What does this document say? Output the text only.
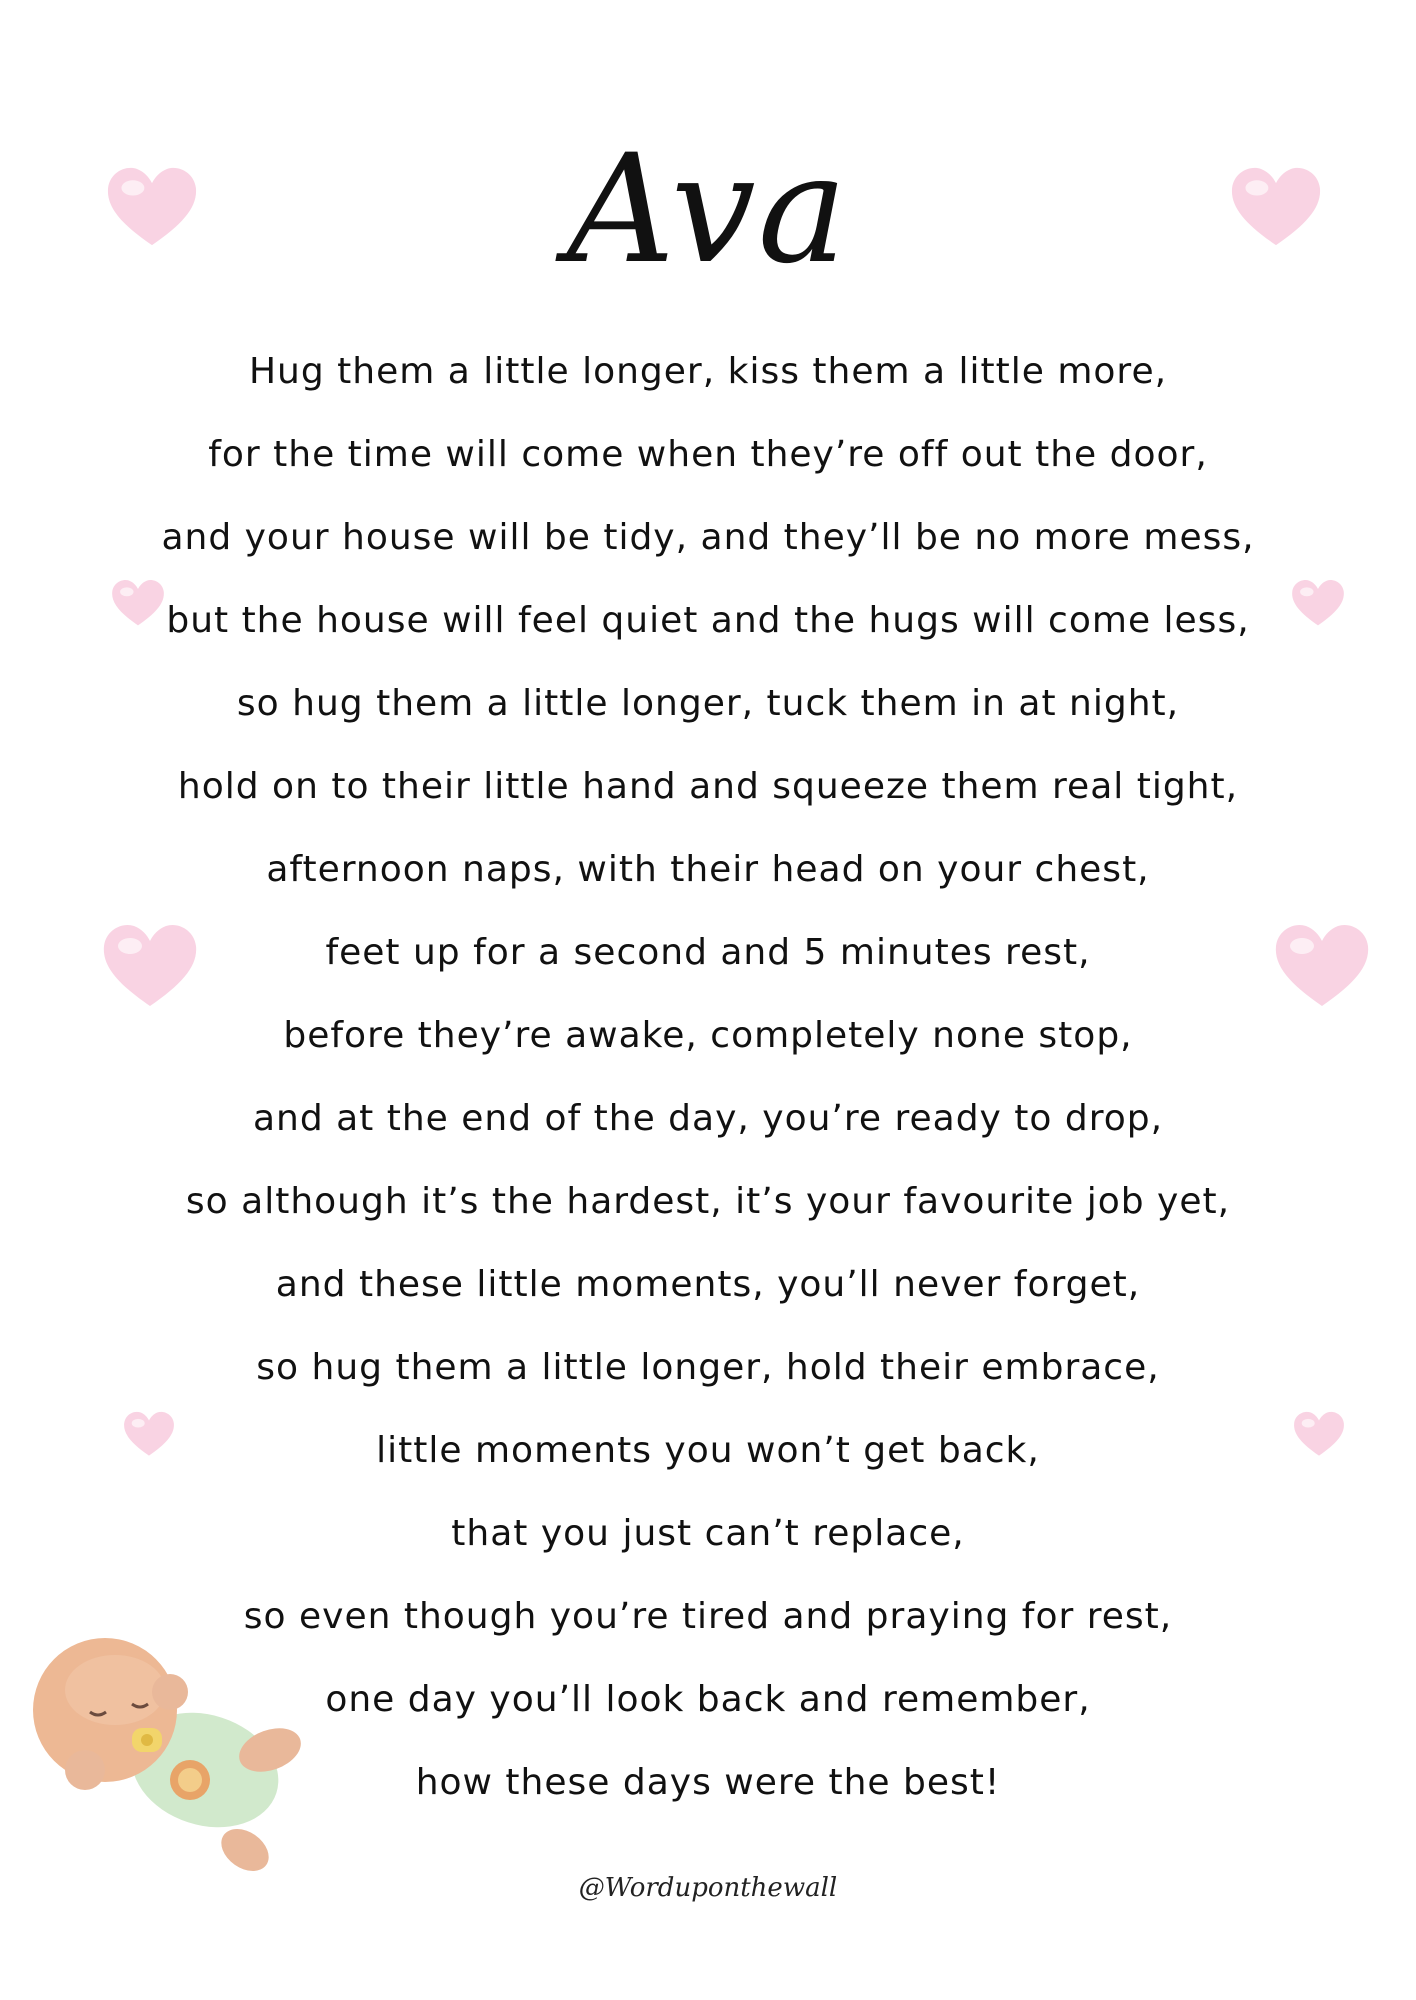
Ava
Hug them a little longer, kiss them a little more,
for the time will come when they’re off out the door,
and your house will be tidy, and they’ll be no more mess,
but the house will feel quiet and the hugs will come less,
so hug them a little longer, tuck them in at night,
hold on to their little hand and squeeze them real tight,
afternoon naps, with their head on your chest,
feet up for a second and 5 minutes rest,
before they’re awake, completely none stop,
and at the end of the day, you’re ready to drop,
so although it’s the hardest, it’s your favourite job yet,
and these little moments, you’ll never forget,
so hug them a little longer, hold their embrace,
little moments you won’t get back,
that you just can’t replace,
so even though you’re tired and praying for rest,
one day you’ll look back and remember,
how these days were the best!
@Worduponthewall
